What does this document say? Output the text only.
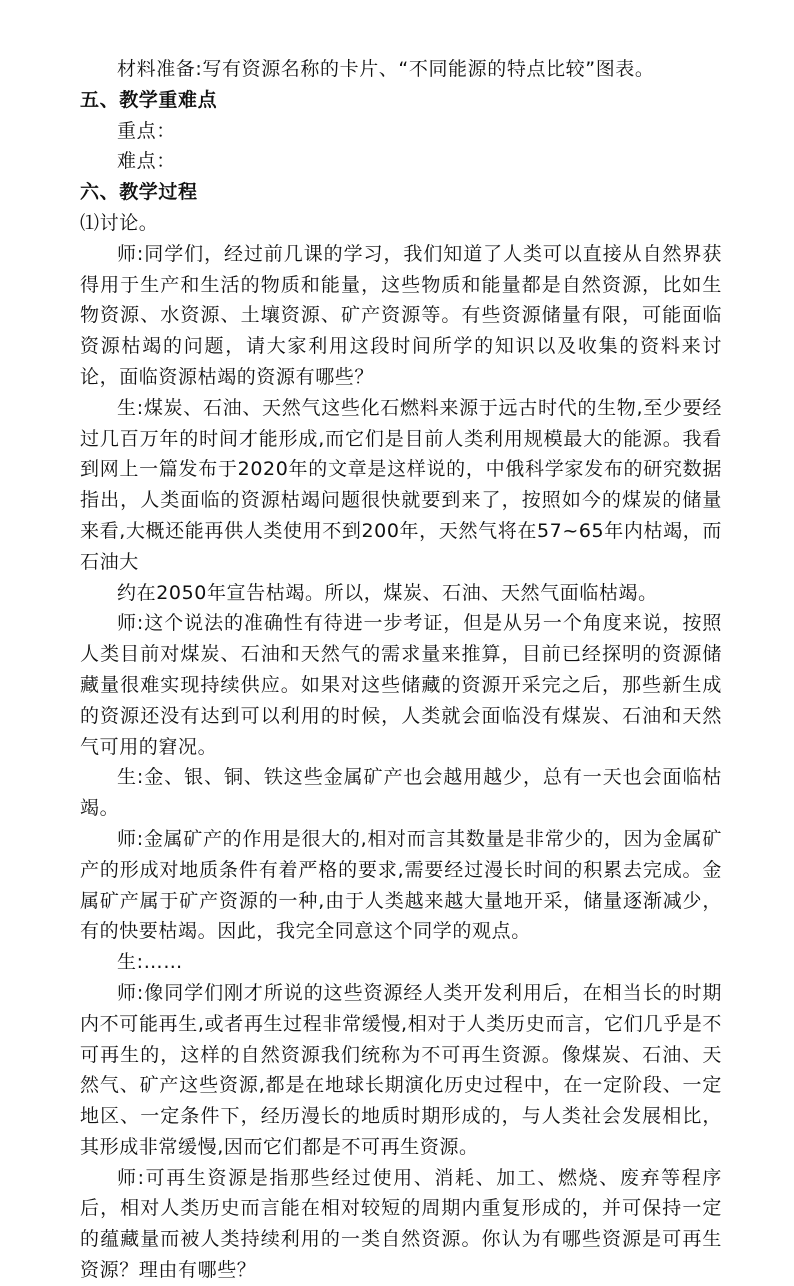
材料准备:写有资源名称的卡片、“不同能源的特点比较”图表。

五、教学重难点

重点：

难点：

六、教学过程

⑴讨论。

师:同学们，经过前几课的学习，我们知道了人类可以直接从自然界获得用于生产和生活的物质和能量，这些物质和能量都是自然资源，比如生物资源、水资源、土壤资源、矿产资源等。有些资源储量有限，可能面临资源枯竭的问题，请大家利用这段时间所学的知识以及收集的资料来讨论，面临资源枯竭的资源有哪些？

生:煤炭、石油、天然气这些化石燃料来源于远古时代的生物,至少要经过几百万年的时间才能形成,而它们是目前人类利用规模最大的能源。我看到网上一篇发布于2020年的文章是这样说的，中俄科学家发布的研究数据指出，人类面临的资源枯竭问题很快就要到来了，按照如今的煤炭的储量来看,大概还能再供人类使用不到200年，天然气将在57~65年内枯竭，而石油大

约在2050年宣告枯竭。所以，煤炭、石油、天然气面临枯竭。

师:这个说法的准确性有待进一步考证，但是从另一个角度来说，按照人类目前对煤炭、石油和天然气的需求量来推算，目前已经探明的资源储藏量很难实现持续供应。如果对这些储藏的资源开采完之后，那些新生成的资源还没有达到可以利用的时候，人类就会面临没有煤炭、石油和天然气可用的窘况。

生:金、银、铜、铁这些金属矿产也会越用越少，总有一天也会面临枯竭。

师:金属矿产的作用是很大的,相对而言其数量是非常少的，因为金属矿产的形成对地质条件有着严格的要求,需要经过漫长时间的积累去完成。金属矿产属于矿产资源的一种,由于人类越来越大量地开采，储量逐渐减少，有的快要枯竭。因此，我完全同意这个同学的观点。

生:……

师:像同学们刚才所说的这些资源经人类开发利用后，在相当长的时期内不可能再生,或者再生过程非常缓慢,相对于人类历史而言，它们几乎是不可再生的，这样的自然资源我们统称为不可再生资源。像煤炭、石油、天然气、矿产这些资源,都是在地球长期演化历史过程中，在一定阶段、一定地区、一定条件下，经历漫长的地质时期形成的，与人类社会发展相比，其形成非常缓慢,因而它们都是不可再生资源。

师:可再生资源是指那些经过使用、消耗、加工、燃烧、废弃等程序后，相对人类历史而言能在相对较短的周期内重复形成的，并可保持一定的蕴藏量而被人类持续利用的一类自然资源。你认为有哪些资源是可再生资源？理由有哪些？
